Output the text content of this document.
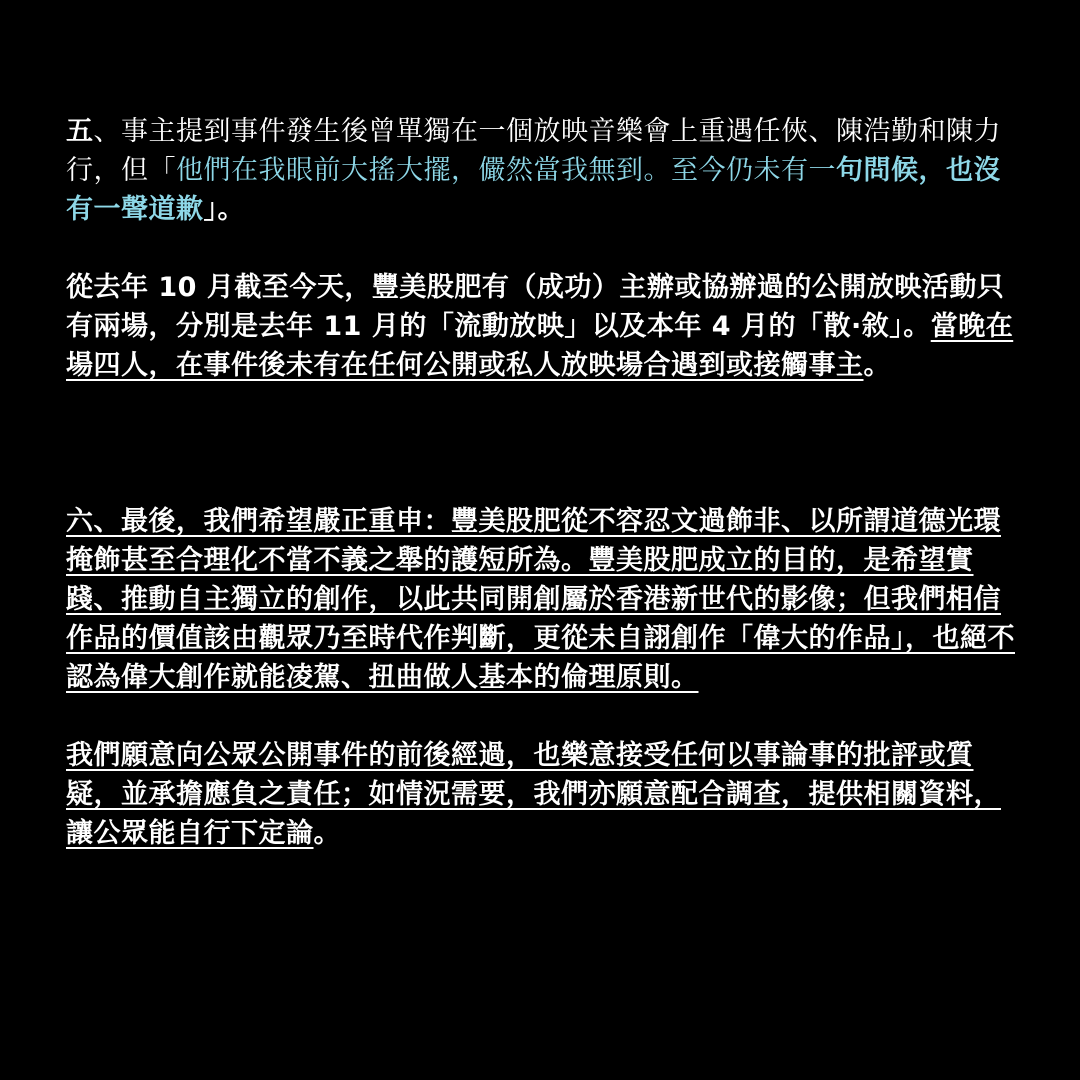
五、事主提到事件發生後曾單獨在一個放映音樂會上重遇任俠、陳浩勤和陳力行，但「他們在我眼前大搖大擺，儼然當我無到。至今仍未有一句問候，也沒有一聲道歉」。

從去年 10 月截至今天，豐美股肥有（成功）主辦或協辦過的公開放映活動只有兩場，分別是去年 11 月的「流動放映」以及本年 4 月的「散·敘」。當晚在場四人，在事件後未有在任何公開或私人放映場合遇到或接觸事主。

六、最後，我們希望嚴正重申：豐美股肥從不容忍文過飾非、以所謂道德光環掩飾甚至合理化不當不義之舉的護短所為。豐美股肥成立的目的，是希望實踐、推動自主獨立的創作，以此共同開創屬於香港新世代的影像；但我們相信作品的價值該由觀眾乃至時代作判斷，更從未自詡創作「偉大的作品」，也絕不認為偉大創作就能凌駕、扭曲做人基本的倫理原則。

我們願意向公眾公開事件的前後經過，也樂意接受任何以事論事的批評或質疑，並承擔應負之責任；如情況需要，我們亦願意配合調查，提供相關資料，讓公眾能自行下定論。
